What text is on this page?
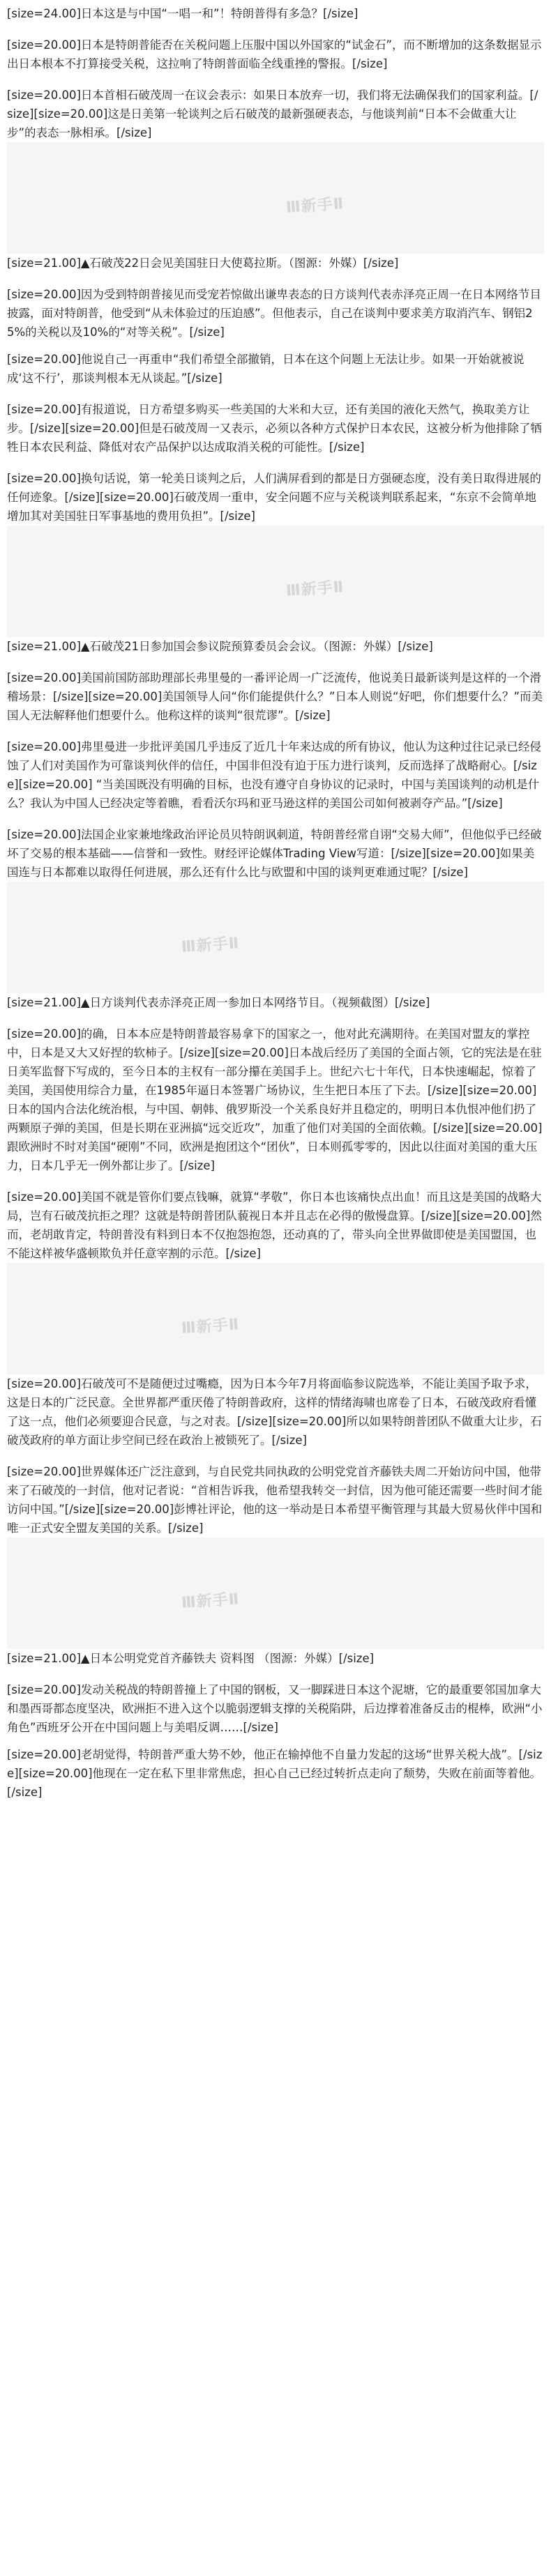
[size=24.00]日本这是与中国“一唱一和”！特朗普得有多急？[/size]

[size=20.00]日本是特朗普能否在关税问题上压服中国以外国家的“试金石”，而不断增加的这条数据显示出日本根本不打算接受关税，这拉响了特朗普面临全线重挫的警报。[/size]

[size=20.00]日本首相石破茂周一在议会表示：如果日本放弃一切，我们将无法确保我们的国家利益。[/size][size=20.00]这是日美第一轮谈判之后石破茂的最新强硬表态，与他谈判前“日本不会做重大让步”的表态一脉相承。[/size]

Ⅲ新手Ⅱ

[size=21.00]▲石破茂22日会见美国驻日大使葛拉斯。（图源：外媒）[/size]

[size=20.00]因为受到特朗普接见而受宠若惊做出谦卑表态的日方谈判代表赤泽亮正周一在日本网络节目披露，面对特朗普，他受到“从未体验过的压迫感”。但他表示，自己在谈判中要求美方取消汽车、钢铝25%的关税以及10%的“对等关税”。[/size]

[size=20.00]他说自己一再重申“我们希望全部撤销，日本在这个问题上无法让步。如果一开始就被说成‘这不行’，那谈判根本无从谈起。”[/size]

[size=20.00]有报道说，日方希望多购买一些美国的大米和大豆，还有美国的液化天然气，换取美方让步。[/size][size=20.00]但是石破茂周一又表示，必须以各种方式保护日本农民，这被分析为他排除了牺牲日本农民利益、降低对农产品保护以达成取消关税的可能性。[/size]

[size=20.00]换句话说，第一轮美日谈判之后，人们满屏看到的都是日方强硬态度，没有美日取得进展的任何迹象。[/size][size=20.00]石破茂周一重申，安全问题不应与关税谈判联系起来，“东京不会简单地增加其对美国驻日军事基地的费用负担”。[/size]

Ⅲ新手Ⅱ

[size=21.00]▲石破茂21日参加国会参议院预算委员会会议。（图源：外媒）[/size]

[size=20.00]美国前国防部助理部长弗里曼的一番评论周一广泛流传，他说美日最新谈判是这样的一个滑稽场景：[/size][size=20.00]美国领导人问“你们能提供什么？”日本人则说“好吧，你们想要什么？”而美国人无法解释他们想要什么。他称这样的谈判“很荒谬”。[/size]

[size=20.00]弗里曼进一步批评美国几乎违反了近几十年来达成的所有协议，他认为这种过往记录已经侵蚀了人们对美国作为可靠谈判伙伴的信任，中国非但没有迫于压力进行谈判，反而选择了战略耐心。[/size][size=20.00] “当美国既没有明确的目标，也没有遵守自身协议的记录时，中国与美国谈判的动机是什么？我认为中国人已经决定等着瞧，看看沃尔玛和亚马逊这样的美国公司如何被剥夺产品。”[/size]

[size=20.00]法国企业家兼地缘政治评论员贝特朗讽刺道，特朗普经常自诩“交易大师”，但他似乎已经破坏了交易的根本基础——信誉和一致性。财经评论媒体Trading View写道：[/size][size=20.00]如果美国连与日本都难以取得任何进展，那么还有什么比与欧盟和中国的谈判更难通过呢？[/size]

Ⅲ新手Ⅱ

[size=21.00]▲日方谈判代表赤泽亮正周一参加日本网络节目。（视频截图）[/size]

[size=20.00]的确，日本本应是特朗普最容易拿下的国家之一，他对此充满期待。在美国对盟友的掌控中，日本是又大又好捏的软柿子。[/size][size=20.00]日本战后经历了美国的全面占领，它的宪法是在驻日美军监督下写成的，至今日本的主权有一部分攥在美国手上。世纪六七十年代，日本快速崛起，惊着了美国，美国使用综合力量，在1985年逼日本签署广场协议，生生把日本压了下去。[/size][size=20.00]日本的国内合法化统治根，与中国、朝韩、俄罗斯没一个关系良好并且稳定的，明明日本仇恨冲他们扔了两颗原子弹的美国，但是长期在亚洲搞“远交近攻”，加重了他们对美国的全面依赖。[/size][size=20.00]跟欧洲时不时对美国“硬刚”不同，欧洲是抱团这个“团伙”，日本则孤零零的，因此以往面对美国的重大压力，日本几乎无一例外都让步了。[/size]

[size=20.00]美国不就是管你们要点钱嘛，就算“孝敬”，你日本也该痛快点出血！而且这是美国的战略大局，岂有石破茂抗拒之理？这就是特朗普团队藐视日本并且志在必得的傲慢盘算。[/size][size=20.00]然而，老胡敢肯定，特朗普没有料到日本不仅抱怨抱怨，还动真的了，带头向全世界做即使是美国盟国，也不能这样被华盛顿欺负并任意宰割的示范。[/size]

Ⅲ新手Ⅱ

[size=20.00]石破茂可不是随便过过嘴瘾，因为日本今年7月将面临参议院选举，不能让美国予取予求，这是日本的广泛民意。全世界都严重厌倦了特朗普政府，这样的情绪海啸也席卷了日本，石破茂政府看懂了这一点，他们必须要迎合民意，与之对表。[/size][size=20.00]所以如果特朗普团队不做重大让步，石破茂政府的单方面让步空间已经在政治上被锁死了。[/size]

[size=20.00]世界媒体还广泛注意到，与自民党共同执政的公明党党首齐藤铁夫周二开始访问中国，他带来了石破茂的一封信，他对记者说：“首相告诉我，他希望我转交一封信，因为他可能还需要一些时间才能访问中国。”[/size][size=20.00]彭博社评论，他的这一举动是日本希望平衡管理与其最大贸易伙伴中国和唯一正式安全盟友美国的关系。[/size]

Ⅲ新手Ⅱ

[size=21.00]▲日本公明党党首齐藤铁夫 资料图 （图源：外媒）[/size]

[size=20.00]发动关税战的特朗普撞上了中国的钢板，又一脚踩进日本这个泥塘，它的最重要邻国加拿大和墨西哥都态度坚决，欧洲拒不进入这个以脆弱逻辑支撑的关税陷阱，后边撑着准备反击的棍棒，欧洲“小角色”西班牙公开在中国问题上与美唱反调……[/size]

[size=20.00]老胡觉得，特朗普严重大势不妙，他正在输掉他不自量力发起的这场“世界关税大战”。[/size][size=20.00]他现在一定在私下里非常焦虑，担心自己已经过转折点走向了颓势，失败在前面等着他。[/size]
